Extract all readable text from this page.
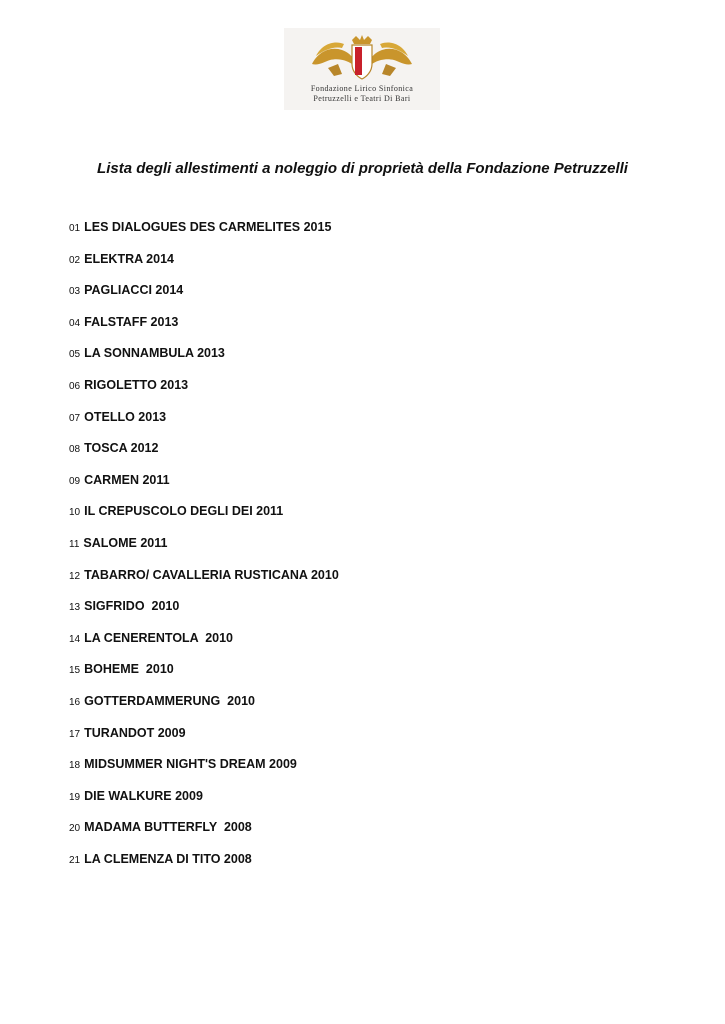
Fondazione Lirico Sinfonica
Petruzzelli e Teatri Di Bari
Lista degli allestimenti a noleggio di proprietà della Fondazione Petruzzelli
01 LES DIALOGUES DES CARMELITES 2015
02 ELEKTRA 2014
03 PAGLIACCI 2014
04 FALSTAFF 2013
05 LA SONNAMBULA 2013
06 RIGOLETTO 2013
07 OTELLO 2013
08 TOSCA 2012
09 CARMEN 2011
10 IL CREPUSCOLO DEGLI DEI 2011
11 SALOME 2011
12 TABARRO/ CAVALLERIA RUSTICANA 2010
13 SIGFRIDO  2010
14 LA CENERENTOLA  2010
15 BOHEME  2010
16 GOTTERDAMMERUNG  2010
17 TURANDOT 2009
18 MIDSUMMER NIGHT'S DREAM 2009
19 DIE WALKURE 2009
20 MADAMA BUTTERFLY  2008
21 LA CLEMENZA DI TITO 2008
